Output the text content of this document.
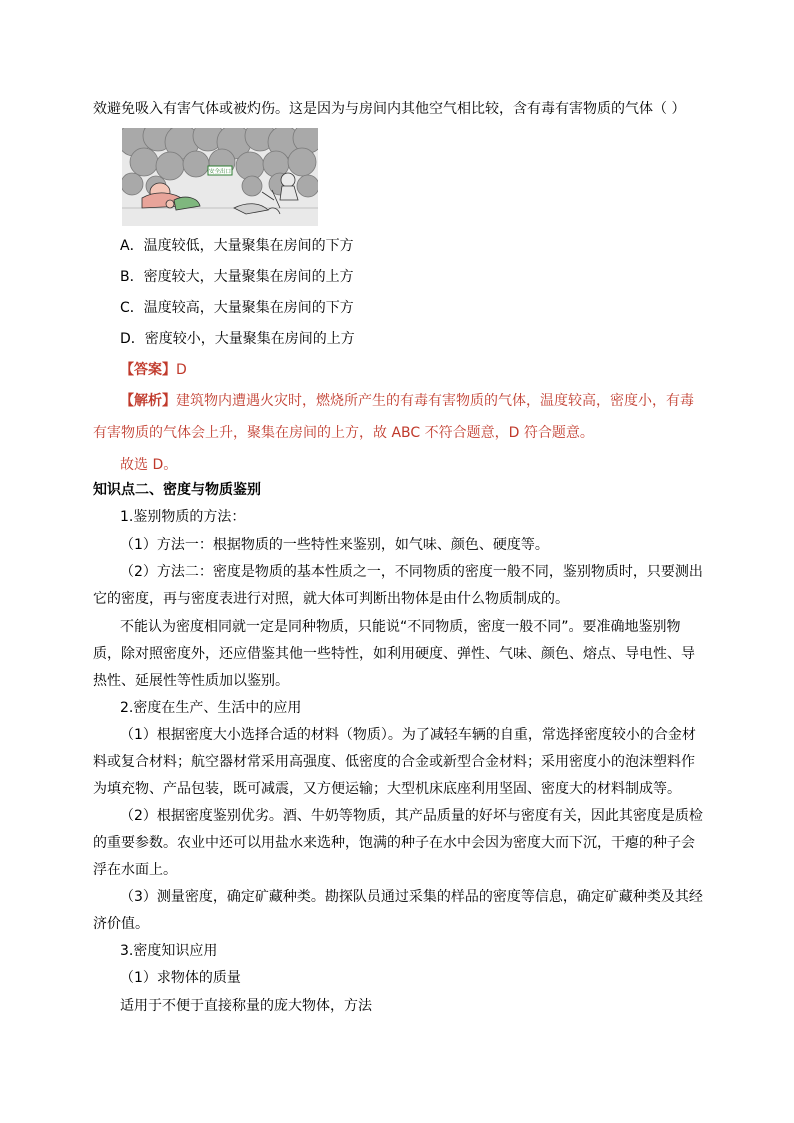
效避免吸入有害气体或被灼伤。这是因为与房间内其他空气相比较，含有毒有害物质的气体（ ）
安全出口
A．温度较低，大量聚集在房间的下方
B．密度较大，大量聚集在房间的上方
C．温度较高，大量聚集在房间的下方
D．密度较小，大量聚集在房间的上方
【答案】D
【解析】建筑物内遭遇火灾时，燃烧所产生的有毒有害物质的气体，温度较高，密度小，有毒
有害物质的气体会上升，聚集在房间的上方，故 ABC 不符合题意，D 符合题意。
故选 D。
知识点二、密度与物质鉴别
1.鉴别物质的方法：
（1）方法一：根据物质的一些特性来鉴别，如气味、颜色、硬度等。
（2）方法二：密度是物质的基本性质之一，不同物质的密度一般不同，鉴别物质时，只要测出
它的密度，再与密度表进行对照，就大体可判断出物体是由什么物质制成的。
不能认为密度相同就一定是同种物质，只能说“不同物质，密度一般不同”。要准确地鉴别物
质，除对照密度外，还应借鉴其他一些特性，如利用硬度、弹性、气味、颜色、熔点、导电性、导
热性、延展性等性质加以鉴别。
2.密度在生产、生活中的应用
（1）根据密度大小选择合适的材料（物质）。为了减轻车辆的自重，常选择密度较小的合金材
料或复合材料；航空器材常采用高强度、低密度的合金或新型合金材料；采用密度小的泡沫塑料作
为填充物、产品包装，既可减震，又方便运输；大型机床底座利用坚固、密度大的材料制成等。
（2）根据密度鉴别优劣。酒、牛奶等物质，其产品质量的好坏与密度有关，因此其密度是质检
的重要参数。农业中还可以用盐水来选种，饱满的种子在水中会因为密度大而下沉，干瘪的种子会
浮在水面上。
（3）测量密度，确定矿藏种类。勘探队员通过采集的样品的密度等信息，确定矿藏种类及其经
济价值。
3.密度知识应用
（1）求物体的质量
适用于不便于直接称量的庞大物体，方法
